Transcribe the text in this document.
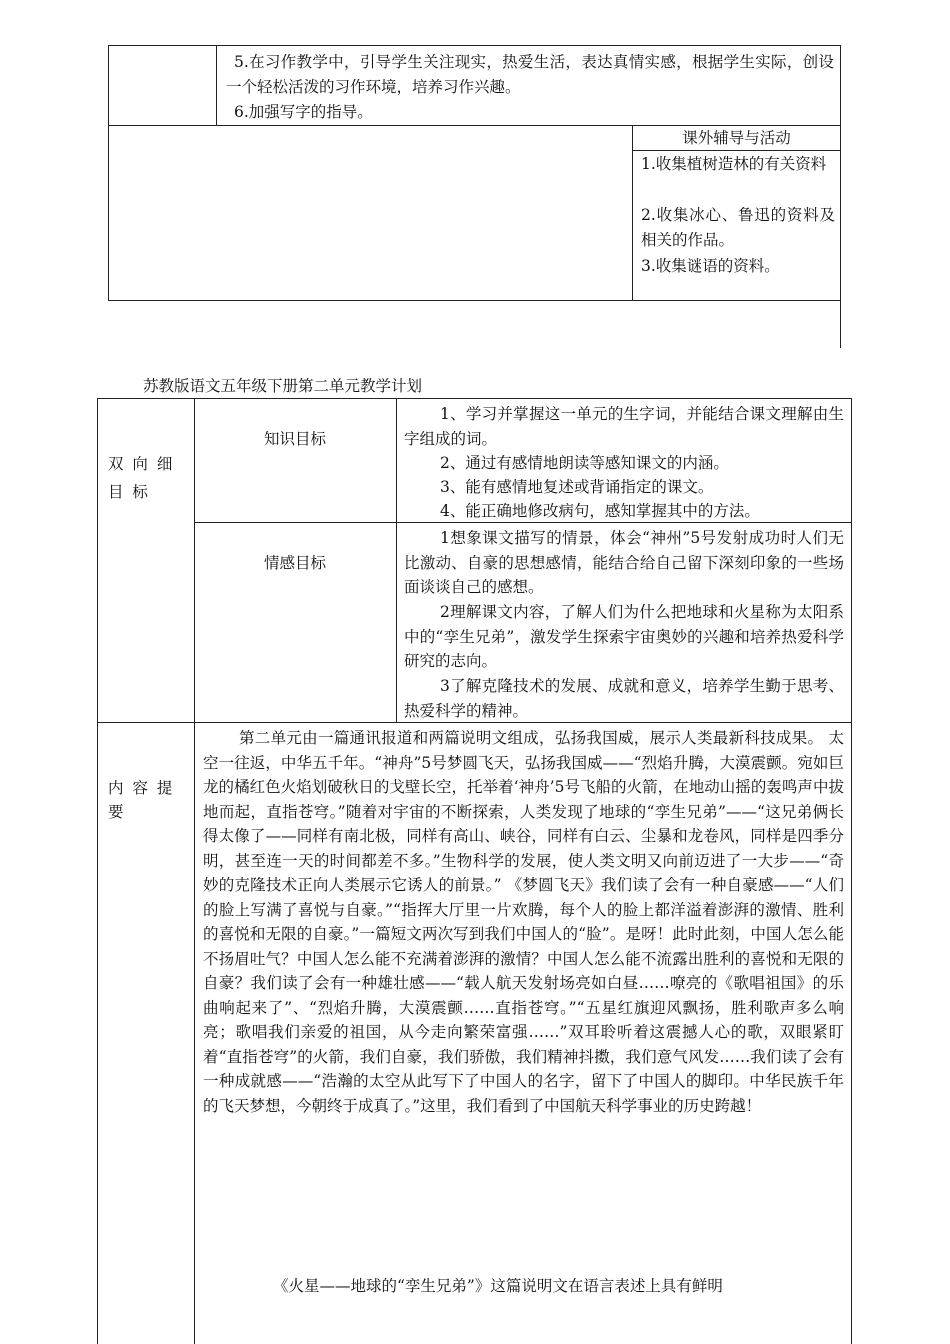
5.在习作教学中，引导学生关注现实，热爱生活，表达真情实感，根据学生实际，创设一个轻松活泼的习作环境，培养习作兴趣。

6.加强写字的指导。
课外辅导与活动

1.收集植树造林的有关资料

2.收集冰心、鲁迅的资料及相关的作品。

3.收集谜语的资料。

苏教版语文五年级下册第二单元教学计划
双 向 细 目 标
知识目标

1、学习并掌握这一单元的生字词，并能结合课文理解由生字组成的词。

2、通过有感情地朗读等感知课文的内涵。
3、能有感情地复述或背诵指定的课文。
4、能正确地修改病句，感知掌握其中的方法。
情感目标

1想象课文描写的情景，体会“神州”5号发射成功时人们无比激动、自豪的思想感情，能结合给自己留下深刻印象的一些场面谈谈自己的感想。

2理解课文内容，了解人们为什么把地球和火星称为太阳系中的“孪生兄弟”，激发学生探索宇宙奥妙的兴趣和培养热爱科学研究的志向。

3了解克隆技术的发展、成就和意义，培养学生勤于思考、热爱科学的精神。

内 容 提 要

第二单元由一篇通讯报道和两篇说明文组成，弘扬我国威，展示人类最新科技成果。 太空一往返，中华五千年。“神舟”5号梦圆飞天，弘扬我国威——“烈焰升腾，大漠震颤。宛如巨龙的橘红色火焰划破秋日的戈壁长空，托举着‘神舟’5号飞船的火箭，在地动山摇的轰鸣声中拔地而起，直指苍穹。”随着对宇宙的不断探索，人类发现了地球的“孪生兄弟”——“这兄弟俩长得太像了——同样有南北极，同样有高山、峡谷，同样有白云、尘暴和龙卷风，同样是四季分明，甚至连一天的时间都差不多。”生物科学的发展，使人类文明又向前迈进了一大步——“奇妙的克隆技术正向人类展示它诱人的前景。” 《梦圆飞天》我们读了会有一种自豪感——“人们的脸上写满了喜悦与自豪。”“指挥大厅里一片欢腾，每个人的脸上都洋溢着澎湃的激情、胜利的喜悦和无限的自豪。”一篇短文两次写到我们中国人的“脸”。是呀！此时此刻，中国人怎么能不扬眉吐气？中国人怎么能不充满着澎湃的激情？中国人怎么能不流露出胜利的喜悦和无限的自豪？我们读了会有一种雄壮感——“载人航天发射场亮如白昼……嘹亮的《歌唱祖国》的乐曲响起来了”、“烈焰升腾，大漠震颤……直指苍穹。”“五星红旗迎风飘扬，胜利歌声多么响亮；歌唱我们亲爱的祖国，从今走向繁荣富强……”双耳聆听着这震撼人心的歌，双眼紧盯着“直指苍穹”的火箭，我们自豪，我们骄傲，我们精神抖擞，我们意气风发……我们读了会有一种成就感——“浩瀚的太空从此写下了中国人的名字，留下了中国人的脚印。中华民族千年的飞天梦想，今朝终于成真了。”这里，我们看到了中国航天科学事业的历史跨越！

《火星——地球的“孪生兄弟”》这篇说明文在语言表述上具有鲜明
